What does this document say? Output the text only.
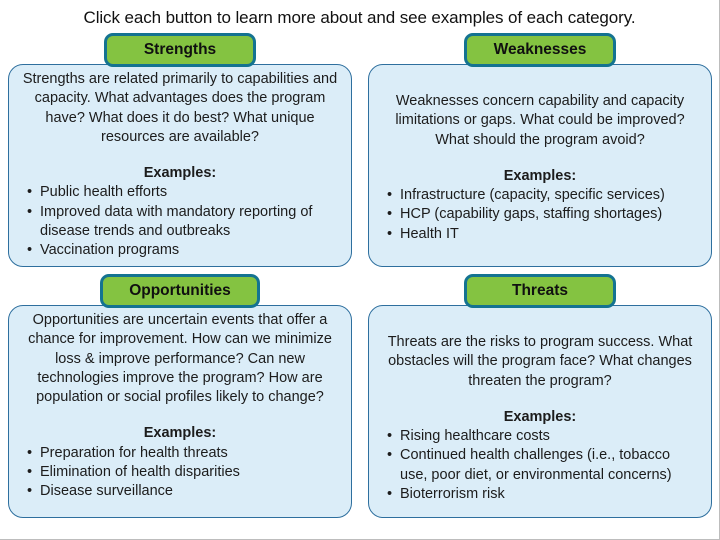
Click each button to learn more about and see examples of each category.
Strengths

Strengths are related primarily to capabilities and capacity. What advantages does the program have? What does it do best? What unique resources are available?

Examples:

• Public health efforts
• Improved data with mandatory reporting of disease trends and outbreaks
• Vaccination programs
Weaknesses

Weaknesses concern capability and capacity limitations or gaps. What could be improved? What should the program avoid?

Examples:

• Infrastructure (capacity, specific services)
• HCP (capability gaps, staffing shortages)
• Health IT
Opportunities

Opportunities are uncertain events that offer a chance for improvement. How can we minimize loss & improve performance? Can new technologies improve the program? How are population or social profiles likely to change?

Examples:

• Preparation for health threats
• Elimination of health disparities
• Disease surveillance
Threats

Threats are the risks to program success. What obstacles will the program face? What changes threaten the program?

Examples:

• Rising healthcare costs
• Continued health challenges (i.e., tobacco use, poor diet, or environmental concerns)
• Bioterrorism risk
